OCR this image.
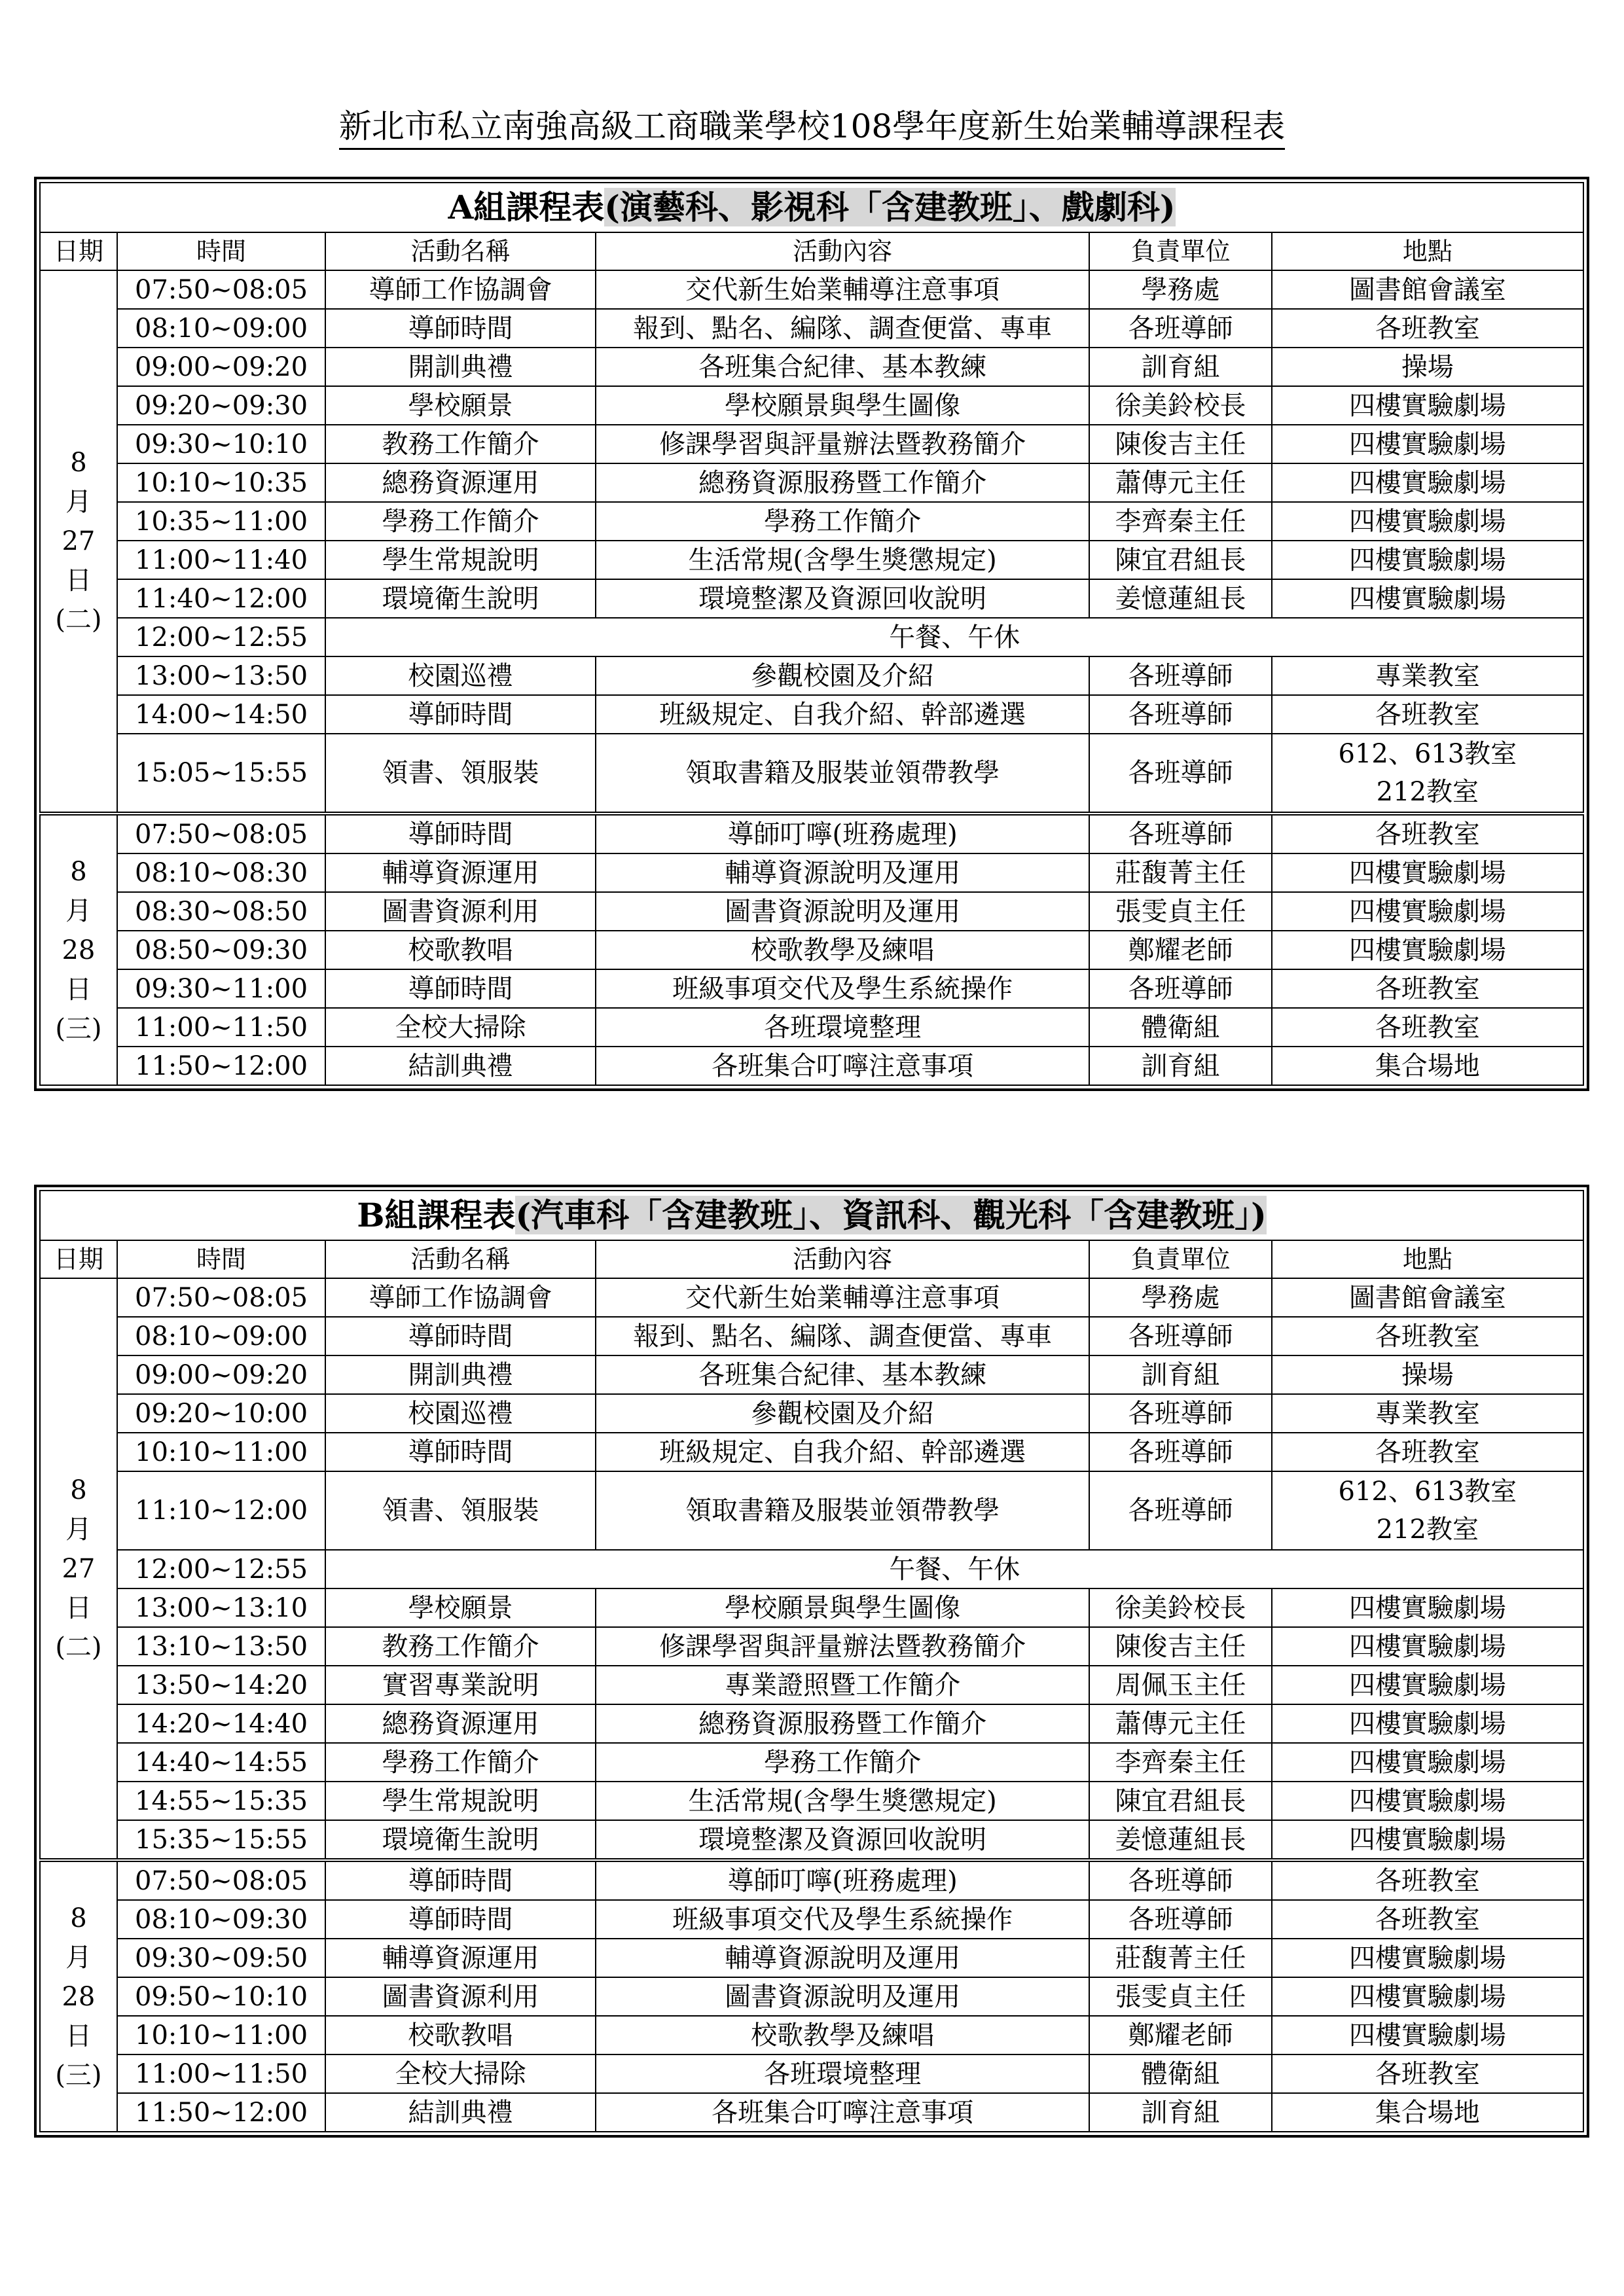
新北市私立南強高級工商職業學校108學年度新生始業輔導課程表
A組課程表(演藝科、影視科「含建教班」、戲劇科)					
日期	時間	活動名稱	活動內容	負責單位	地點

8
月
27
日
(二)	07:50~08:05	導師工作協調會	交代新生始業輔導注意事項	學務處	圖書館會議室
	08:10~09:00	導師時間	報到、點名、編隊、調查便當、專車	各班導師	各班教室
	09:00~09:20	開訓典禮	各班集合紀律、基本教練	訓育組	操場
	09:20~09:30	學校願景	學校願景與學生圖像	徐美鈴校長	四樓實驗劇場
	09:30~10:10	教務工作簡介	修課學習與評量辦法暨教務簡介	陳俊吉主任	四樓實驗劇場
	10:10~10:35	總務資源運用	總務資源服務暨工作簡介	蕭傳元主任	四樓實驗劇場
	10:35~11:00	學務工作簡介	學務工作簡介	李齊秦主任	四樓實驗劇場
	11:00~11:40	學生常規說明	生活常規(含學生獎懲規定)	陳宜君組長	四樓實驗劇場
	11:40~12:00	環境衛生說明	環境整潔及資源回收說明	姜憶蓮組長	四樓實驗劇場
	12:00~12:55	午餐、午休			
	13:00~13:50	校園巡禮	參觀校園及介紹	各班導師	專業教室
	14:00~14:50	導師時間	班級規定、自我介紹、幹部遴選	各班導師	各班教室
	15:05~15:55	領書、領服裝	領取書籍及服裝並領帶教學	各班導師	612、613教室
212教室

8
月
28
日
(三)	07:50~08:05	導師時間	導師叮嚀(班務處理)	各班導師	各班教室
	08:10~08:30	輔導資源運用	輔導資源說明及運用	莊馥菁主任	四樓實驗劇場
	08:30~08:50	圖書資源利用	圖書資源說明及運用	張雯貞主任	四樓實驗劇場
	08:50~09:30	校歌教唱	校歌教學及練唱	鄭耀老師	四樓實驗劇場
	09:30~11:00	導師時間	班級事項交代及學生系統操作	各班導師	各班教室
	11:00~11:50	全校大掃除	各班環境整理	體衛組	各班教室
	11:50~12:00	結訓典禮	各班集合叮嚀注意事項	訓育組	集合場地
B組課程表(汽車科「含建教班」、資訊科、觀光科「含建教班」)					
日期	時間	活動名稱	活動內容	負責單位	地點

8
月
27
日
(二)	07:50~08:05	導師工作協調會	交代新生始業輔導注意事項	學務處	圖書館會議室
	08:10~09:00	導師時間	報到、點名、編隊、調查便當、專車	各班導師	各班教室
	09:00~09:20	開訓典禮	各班集合紀律、基本教練	訓育組	操場
	09:20~10:00	校園巡禮	參觀校園及介紹	各班導師	專業教室
	10:10~11:00	導師時間	班級規定、自我介紹、幹部遴選	各班導師	各班教室
	11:10~12:00	領書、領服裝	領取書籍及服裝並領帶教學	各班導師	612、613教室
212教室

	12:00~12:55	午餐、午休			
	13:00~13:10	學校願景	學校願景與學生圖像	徐美鈴校長	四樓實驗劇場
	13:10~13:50	教務工作簡介	修課學習與評量辦法暨教務簡介	陳俊吉主任	四樓實驗劇場
	13:50~14:20	實習專業說明	專業證照暨工作簡介	周佩玉主任	四樓實驗劇場
	14:20~14:40	總務資源運用	總務資源服務暨工作簡介	蕭傳元主任	四樓實驗劇場
	14:40~14:55	學務工作簡介	學務工作簡介	李齊秦主任	四樓實驗劇場
	14:55~15:35	學生常規說明	生活常規(含學生獎懲規定)	陳宜君組長	四樓實驗劇場
	15:35~15:55	環境衛生說明	環境整潔及資源回收說明	姜憶蓮組長	四樓實驗劇場

8
月
28
日
(三)	07:50~08:05	導師時間	導師叮嚀(班務處理)	各班導師	各班教室
	08:10~09:30	導師時間	班級事項交代及學生系統操作	各班導師	各班教室
	09:30~09:50	輔導資源運用	輔導資源說明及運用	莊馥菁主任	四樓實驗劇場
	09:50~10:10	圖書資源利用	圖書資源說明及運用	張雯貞主任	四樓實驗劇場
	10:10~11:00	校歌教唱	校歌教學及練唱	鄭耀老師	四樓實驗劇場
	11:00~11:50	全校大掃除	各班環境整理	體衛組	各班教室
	11:50~12:00	結訓典禮	各班集合叮嚀注意事項	訓育組	集合場地
